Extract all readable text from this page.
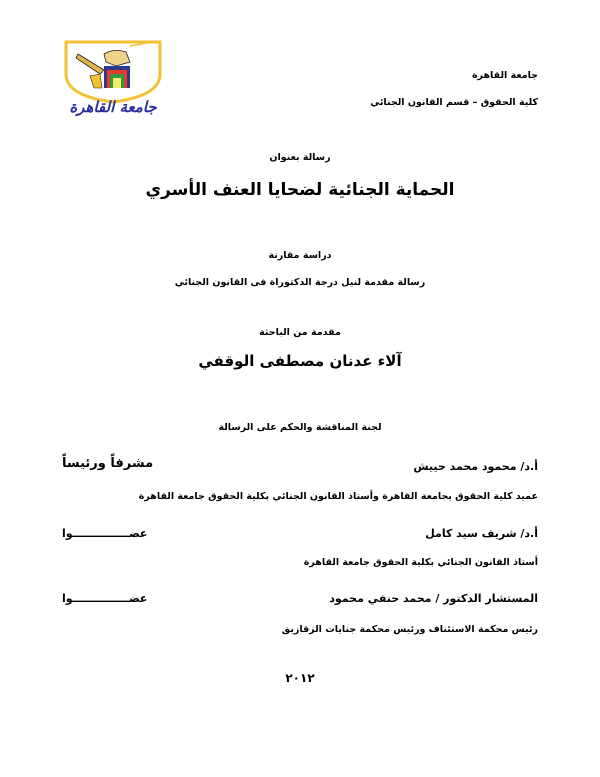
جامعة القاهرة
جامعة القاهرة
كلية الحقوق – قسم القانون الجنائي
رسالة بعنوان
الحماية الجنائية لضحايا العنف الأسري
دراسة مقارنة
رسالة مقدمة لنيل درجة الدكتوراة فى القانون الجنائي
مقدمة من الباحثة
آلاء عدنان مصطفى الوقفي
لجنة المناقشة والحكم على الرسالة
أ.د/ محمود محمد حييش
مشرفاً ورئيساً
عميد كلية الحقوق بجامعة القاهرة وأستاذ القانون الجنائي بكلية الحقوق جامعة القاهرة
أ.د/ شريف سيد كامل
عضـــــــــــــــوا
أستاذ القانون الجنائي بكلية الحقوق جامعة القاهرة
المستشار الدكتور / محمد حنفي محمود
عضـــــــــــــــوا
رئيس محكمة الاستئناف ورئيس محكمة جنايات الزقازيق
٢٠١٢
